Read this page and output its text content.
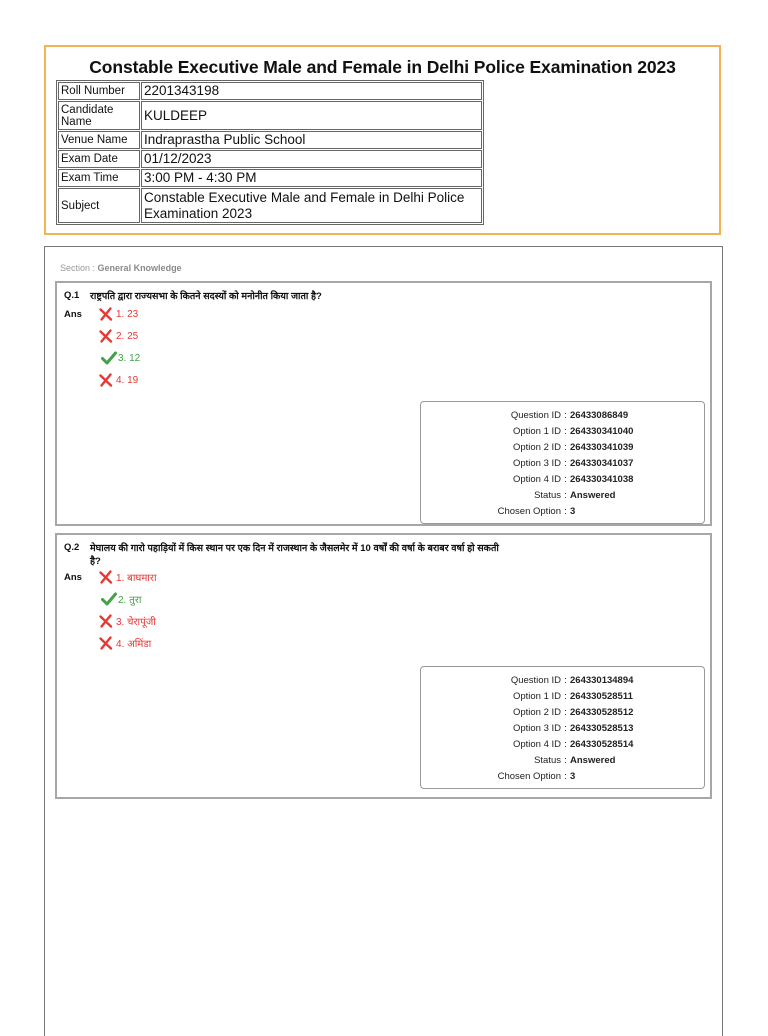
Constable Executive Male and Female in Delhi Police Examination 2023
Roll Number	2201343198
Candidate Name	KULDEEP
Venue Name	Indraprastha Public School
Exam Date	01/12/2023
Exam Time	3:00 PM - 4:30 PM
Subject	Constable Executive Male and Female in Delhi Police Examination 2023
Section : General Knowledge
Q.1 राष्ट्रपति द्वारा राज्यसभा के कितने सदस्यों को मनोनीत किया जाता है?
Ans	1. 23
2. 25
3. 12
4. 19
Question ID : 26433086849
Option 1 ID : 264330341040
Option 2 ID : 264330341039
Option 3 ID : 264330341037
Option 4 ID : 264330341038
Status : Answered
Chosen Option : 3
Q.2 मेघालय की गारो पहाड़ियों में किस स्थान पर एक दिन में राजस्थान के जैसलमेर में 10 वर्षों की वर्षा के बराबर वर्षा हो सकती है?
Ans	1. बाघमारा
2. तुरा
3. चेरापूंजी
4. अमिंडा
Question ID : 264330134894
Option 1 ID : 264330528511
Option 2 ID : 264330528512
Option 3 ID : 264330528513
Option 4 ID : 264330528514
Status : Answered
Chosen Option : 3
